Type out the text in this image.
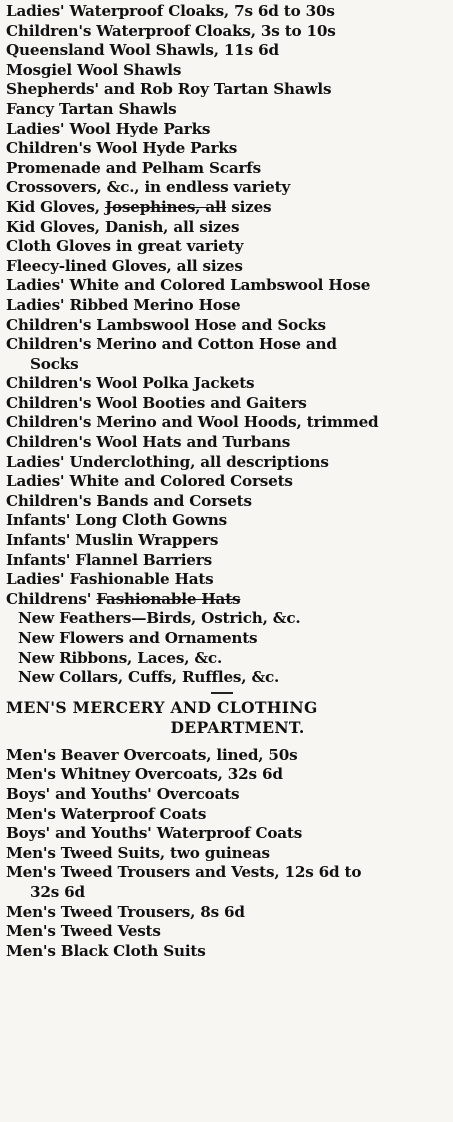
Ladies' Waterproof Cloaks, 7s 6d to 30s
Children's Waterproof Cloaks, 3s to 10s
Queensland Wool Shawls, 11s 6d
Mosgiel Wool Shawls
Shepherds' and Rob Roy Tartan Shawls
Fancy Tartan Shawls
Ladies' Wool Hyde Parks
Children's Wool Hyde Parks
Promenade and Pelham Scarfs
Crossovers, &c., in endless variety
Kid Gloves, Josephines, all sizes
Kid Gloves, Danish, all sizes
Cloth Gloves in great variety
Fleecy-lined Gloves, all sizes
Ladies' White and Colored Lambswool Hose
Ladies' Ribbed Merino Hose
Children's Lambswool Hose and Socks
Children's Merino and Cotton Hose and
Socks
Children's Wool Polka Jackets
Children's Wool Booties and Gaiters
Children's Merino and Wool Hoods, trimmed
Children's Wool Hats and Turbans
Ladies' Underclothing, all descriptions
Ladies' White and Colored Corsets
Children's Bands and Corsets
Infants' Long Cloth Gowns
Infants' Muslin Wrappers
Infants' Flannel Barriers
Ladies' Fashionable Hats
Childrens' Fashionable Hats
New Feathers—Birds, Ostrich, &c.
New Flowers and Ornaments
New Ribbons, Laces, &c.
New Collars, Cuffs, Ruffles, &c.
MEN'S MERCERY AND CLOTHING
DEPARTMENT.
Men's Beaver Overcoats, lined, 50s
Men's Whitney Overcoats, 32s 6d
Boys' and Youths' Overcoats
Men's Waterproof Coats
Boys' and Youths' Waterproof Coats
Men's Tweed Suits, two guineas
Men's Tweed Trousers and Vests, 12s 6d to
32s 6d
Men's Tweed Trousers, 8s 6d
Men's Tweed Vests
Men's Black Cloth Suits
